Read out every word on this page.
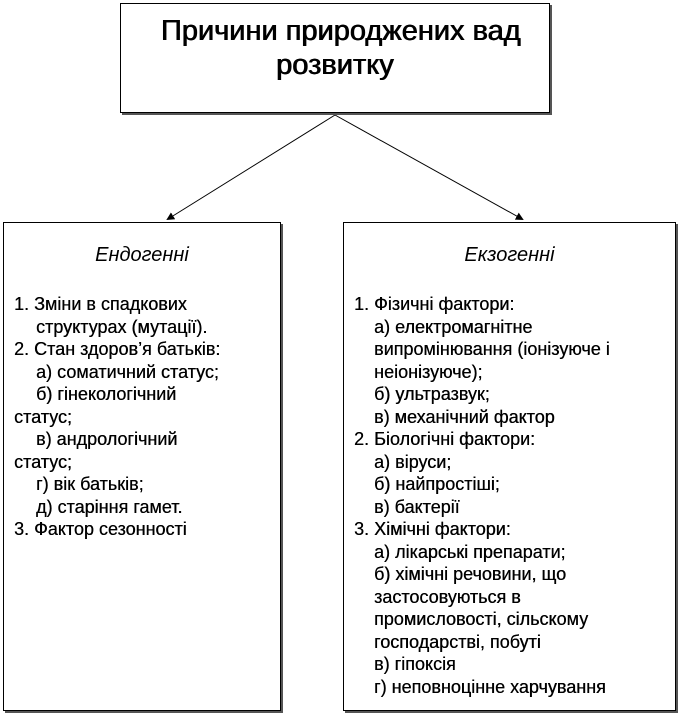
Причини природжених вад
розвитку
Ендогенні
1. Зміни в спадкових
структурах (мутації).
2. Стан здоров’я батьків:
а) соматичний статус;
б) гінекологічний
статус;
в) андрологічний
статус;
г) вік батьків;
д) старіння гамет.
3. Фактор сезонності
Екзогенні
1. Фізичні фактори:
а) електромагнітне
випромінювання (іонізуюче і
неіонізуюче);
б) ультразвук;
в) механічний фактор
2. Біологічні фактори:
а) віруси;
б) найпростіші;
в) бактерії
3. Хімічні фактори:
а) лікарські препарати;
б) хімічні речовини, що
застосовуються в
промисловості, сільскому
господарстві, побуті
в) гіпоксія
г) неповноцінне харчування
